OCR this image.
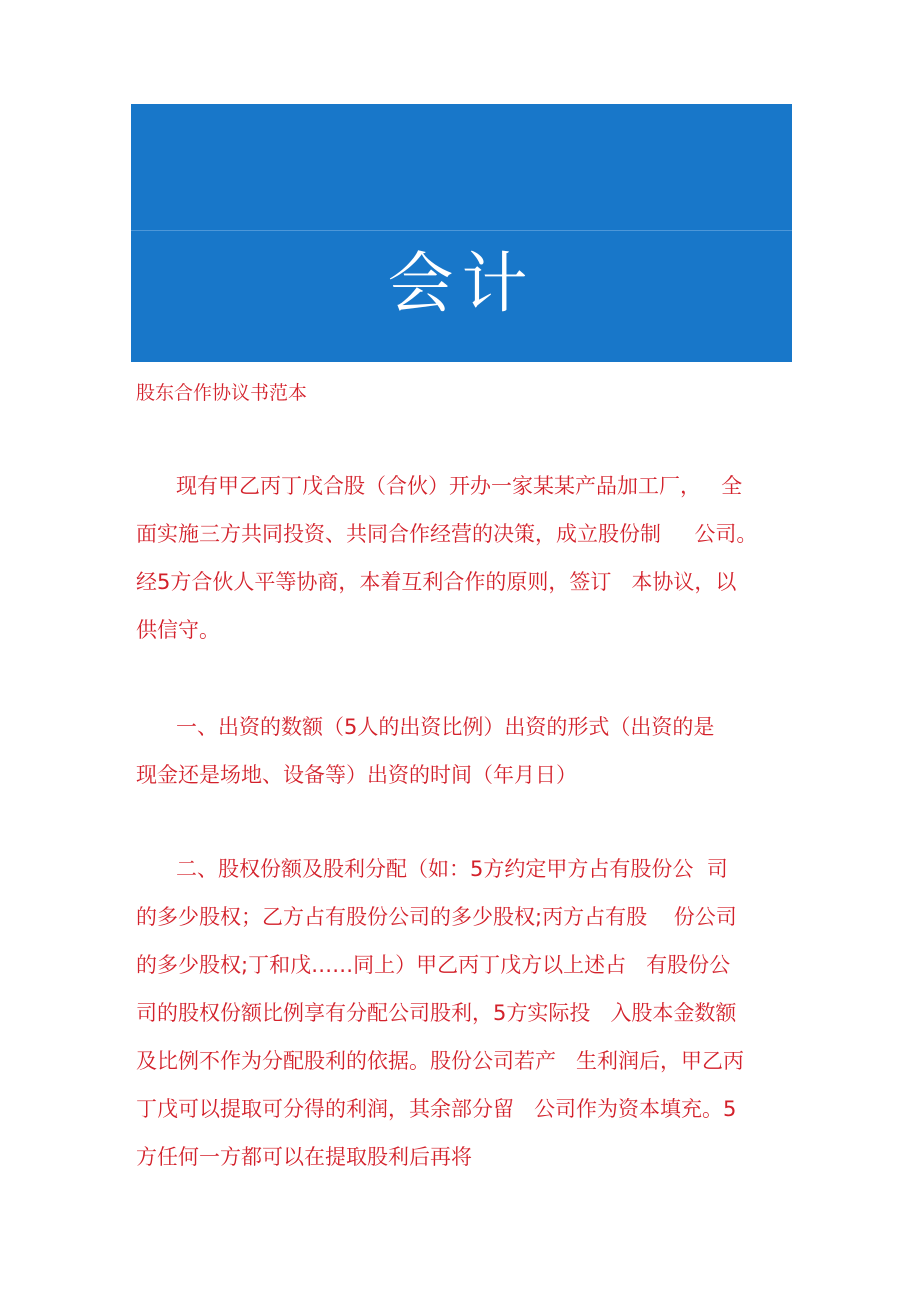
会计
实务
股东合作协议书范本
现有甲乙丙丁戊合股（合伙）开办一家某某产品加工厂，   全
面实施三方共同投资、共同合作经营的决策，成立股份制     公司。
经5方合伙人平等协商，本着互利合作的原则，签订   本协议，以
供信守。
一、出资的数额（5人的出资比例）出资的形式（出资的是
现金还是场地、设备等）出资的时间（年月日）
二、股权份额及股利分配（如：5方约定甲方占有股份公  司
的多少股权；乙方占有股份公司的多少股权;丙方占有股    份公司
的多少股权;丁和戊……同上）甲乙丙丁戊方以上述占   有股份公
司的股权份额比例享有分配公司股利，5方实际投   入股本金数额
及比例不作为分配股利的依据。股份公司若产   生利润后，甲乙丙
丁戊可以提取可分得的利润，其余部分留   公司作为资本填充。5
方任何一方都可以在提取股利后再将
